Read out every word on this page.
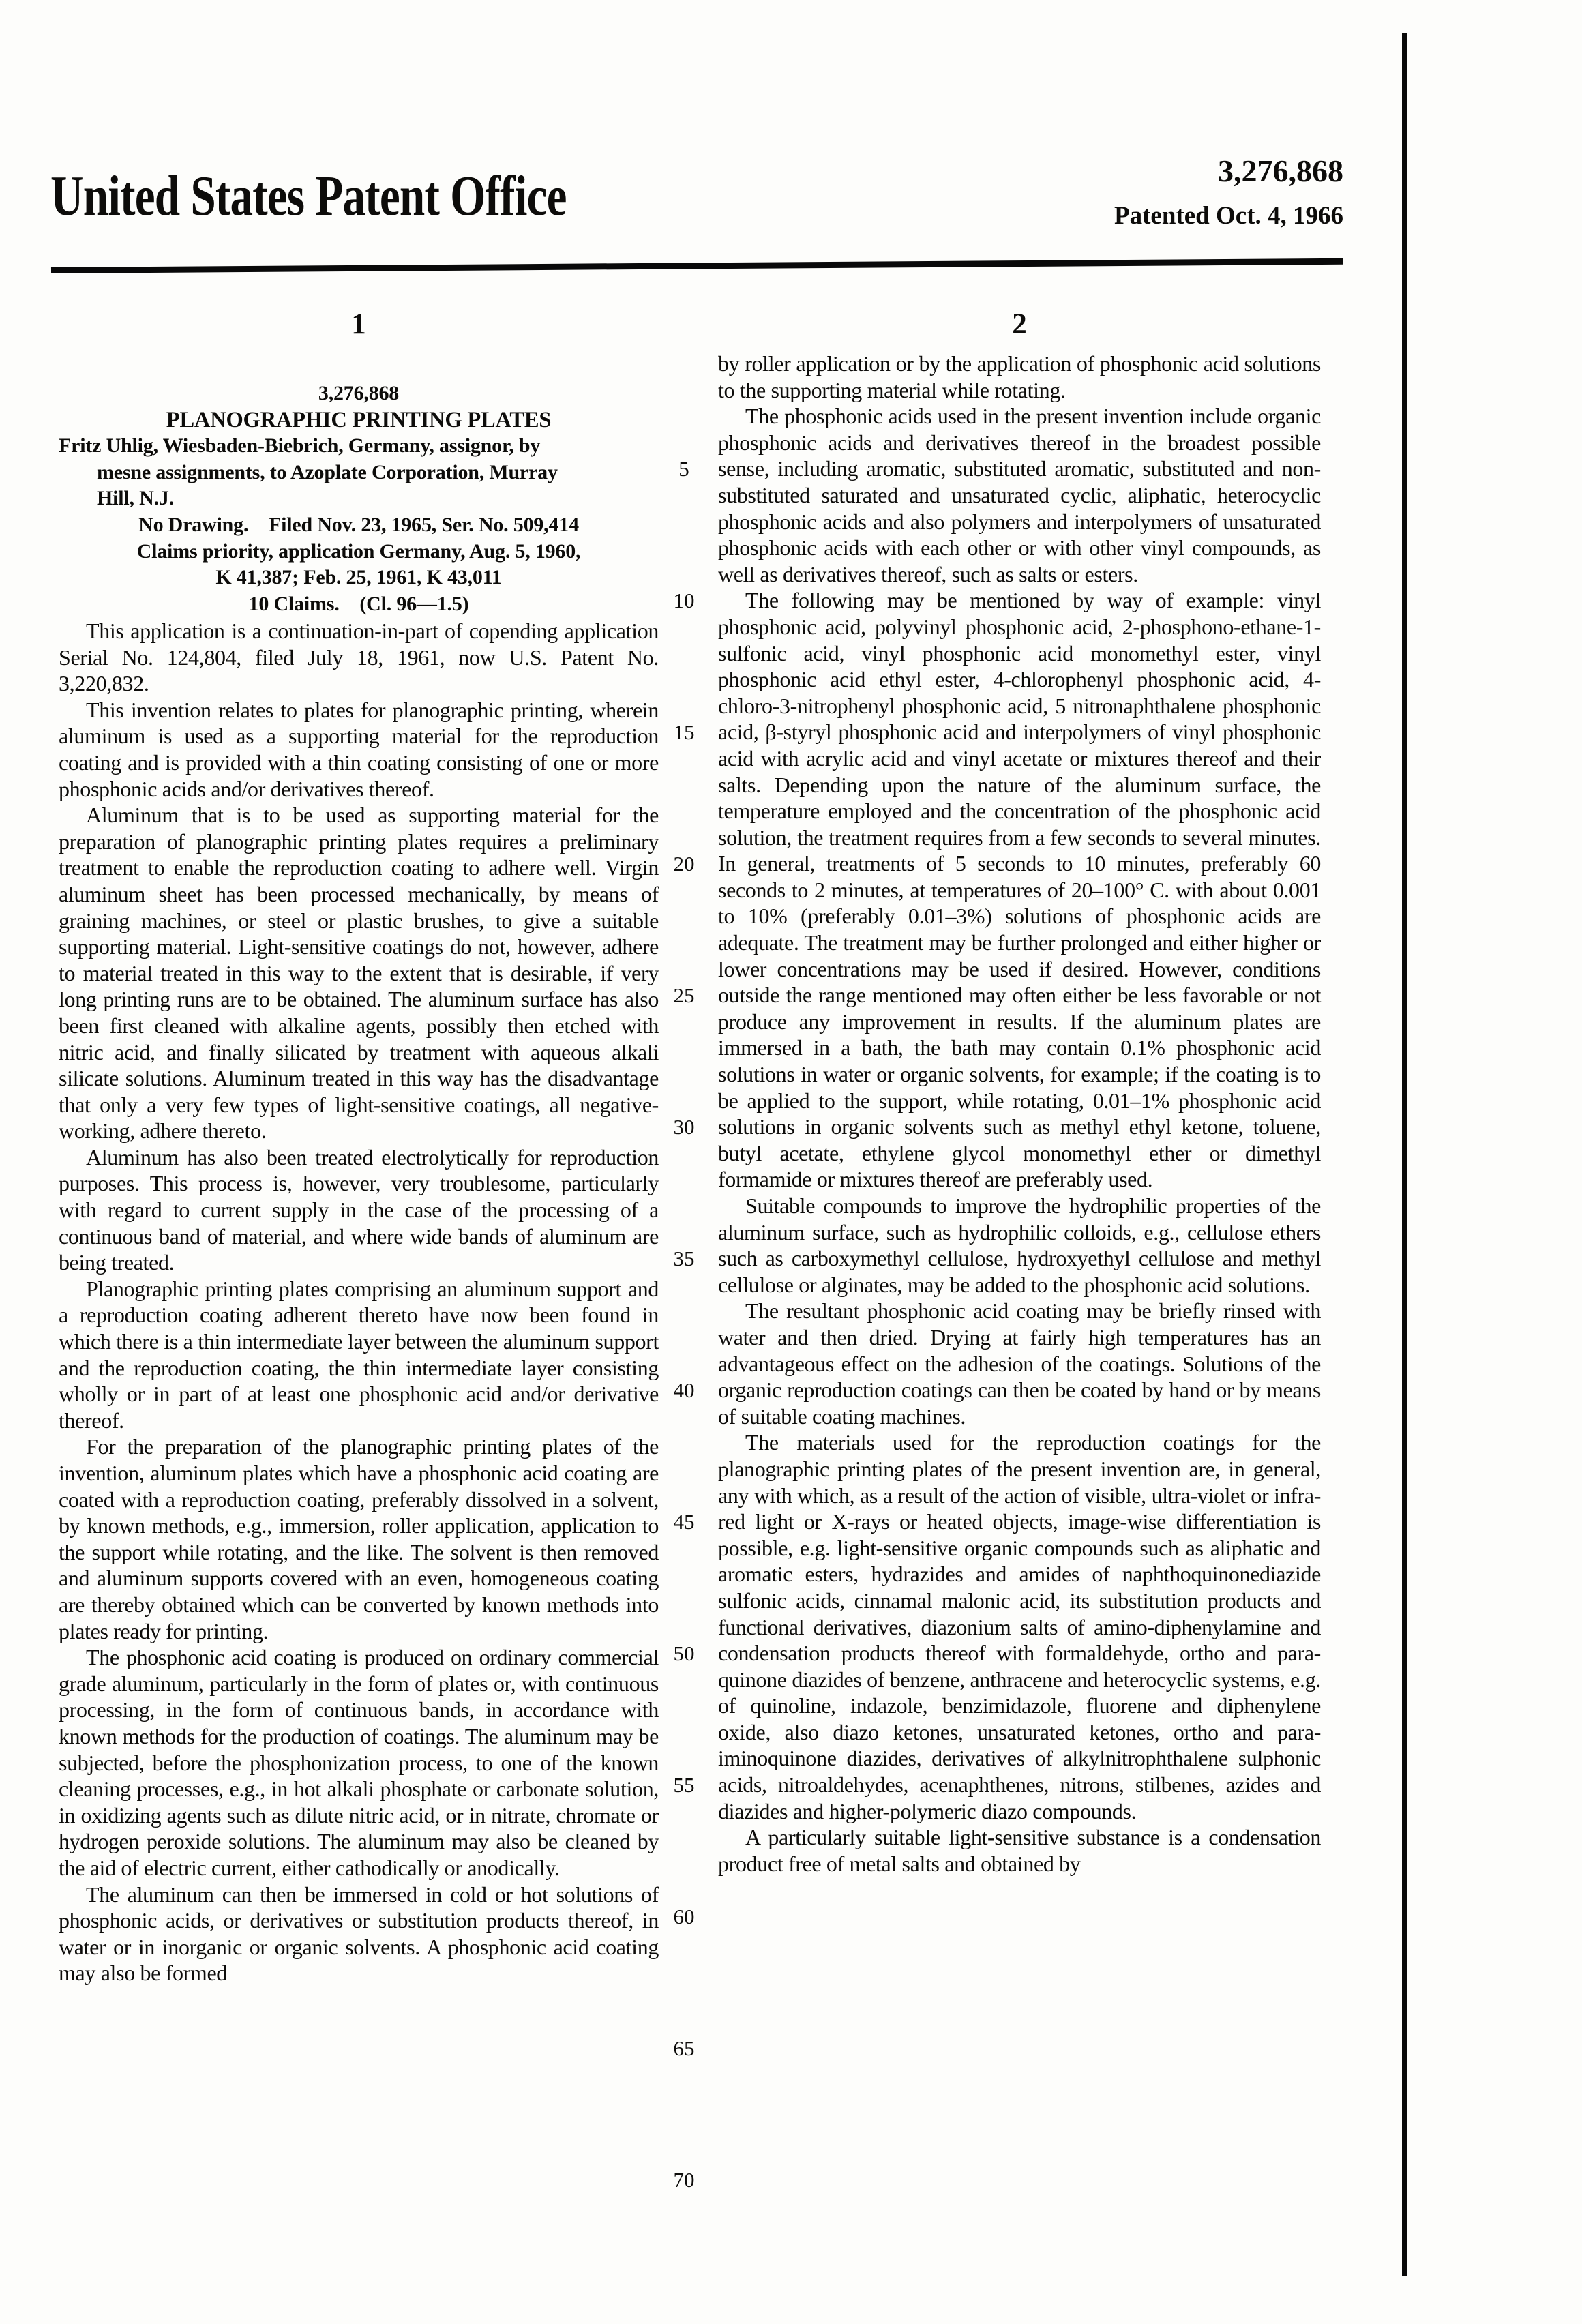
United States Patent Office	3,276,868
Patented Oct. 4, 1966
1	2
3,276,868
PLANOGRAPHIC PRINTING PLATES
Fritz Uhlig, Wiesbaden-Biebrich, Germany, assignor, by
mesne assignments, to Azoplate Corporation, Murray
Hill, N.J.
No Drawing. Filed Nov. 23, 1965, Ser. No. 509,414
Claims priority, application Germany, Aug. 5, 1960,
K 41,387; Feb. 25, 1961, K 43,011
10 Claims. (Cl. 96—1.5)

This application is a continuation-in-part of copending application Serial No. 124,804, filed July 18, 1961, now U.S. Patent No. 3,220,832.

This invention relates to plates for planographic printing, wherein aluminum is used as a supporting material for the reproduction coating and is provided with a thin coating consisting of one or more phosphonic acids and/or derivatives thereof.

Aluminum that is to be used as supporting material for the preparation of planographic printing plates requires a preliminary treatment to enable the reproduction coating to adhere well. Virgin aluminum sheet has been processed mechanically, by means of graining machines, or steel or plastic brushes, to give a suitable supporting material. Light-sensitive coatings do not, however, adhere to material treated in this way to the extent that is desirable, if very long printing runs are to be obtained. The aluminum surface has also been first cleaned with alkaline agents, possibly then etched with nitric acid, and finally silicated by treatment with aqueous alkali silicate solutions. Aluminum treated in this way has the disadvantage that only a very few types of light-sensitive coatings, all negative-working, adhere thereto.

Aluminum has also been treated electrolytically for reproduction purposes. This process is, however, very troublesome, particularly with regard to current supply in the case of the processing of a continuous band of material, and where wide bands of aluminum are being treated.

Planographic printing plates comprising an aluminum support and a reproduction coating adherent thereto have now been found in which there is a thin intermediate layer between the aluminum support and the reproduction coating, the thin intermediate layer consisting wholly or in part of at least one phosphonic acid and/or derivative thereof.

For the preparation of the planographic printing plates of the invention, aluminum plates which have a phosphonic acid coating are coated with a reproduction coating, preferably dissolved in a solvent, by known methods, e.g., immersion, roller application, application to the support while rotating, and the like. The solvent is then removed and aluminum supports covered with an even, homogeneous coating are thereby obtained which can be converted by known methods into plates ready for printing.

The phosphonic acid coating is produced on ordinary commercial grade aluminum, particularly in the form of plates or, with continuous processing, in the form of continuous bands, in accordance with known methods for the production of coatings. The aluminum may be subjected, before the phosphonization process, to one of the known cleaning processes, e.g., in hot alkali phosphate or carbonate solution, in oxidizing agents such as dilute nitric acid, or in nitrate, chromate or hydrogen peroxide solutions. The aluminum may also be cleaned by the aid of electric current, either cathodically or anodically.

The aluminum can then be immersed in cold or hot solutions of phosphonic acids, or derivatives or substitution products thereof, in water or in inorganic or organic solvents. A phosphonic acid coating may also be formed

by roller application or by the application of phosphonic acid solutions to the supporting material while rotating.

The phosphonic acids used in the present invention include organic phosphonic acids and derivatives thereof in the broadest possible sense, including aromatic, substituted aromatic, substituted and non-substituted saturated and unsaturated cyclic, aliphatic, heterocyclic phosphonic acids and also polymers and interpolymers of unsaturated phosphonic acids with each other or with other vinyl compounds, as well as derivatives thereof, such as salts or esters.

The following may be mentioned by way of example: vinyl phosphonic acid, polyvinyl phosphonic acid, 2-phosphono-ethane-1-sulfonic acid, vinyl phosphonic acid monomethyl ester, vinyl phosphonic acid ethyl ester, 4-chlorophenyl phosphonic acid, 4-chloro-3-nitrophenyl phosphonic acid, 5 nitronaphthalene phosphonic acid, β-styryl phosphonic acid and interpolymers of vinyl phosphonic acid with acrylic acid and vinyl acetate or mixtures thereof and their salts. Depending upon the nature of the aluminum surface, the temperature employed and the concentration of the phosphonic acid solution, the treatment requires from a few seconds to several minutes. In general, treatments of 5 seconds to 10 minutes, preferably 60 seconds to 2 minutes, at temperatures of 20–100° C. with about 0.001 to 10% (preferably 0.01–3%) solutions of phosphonic acids are adequate. The treatment may be further prolonged and either higher or lower concentrations may be used if desired. However, conditions outside the range mentioned may often either be less favorable or not produce any improvement in results. If the aluminum plates are immersed in a bath, the bath may contain 0.1% phosphonic acid solutions in water or organic solvents, for example; if the coating is to be applied to the support, while rotating, 0.01–1% phosphonic acid solutions in organic solvents such as methyl ethyl ketone, toluene, butyl acetate, ethylene glycol monomethyl ether or dimethyl formamide or mixtures thereof are preferably used.

Suitable compounds to improve the hydrophilic properties of the aluminum surface, such as hydrophilic colloids, e.g., cellulose ethers such as carboxymethyl cellulose, hydroxyethyl cellulose and methyl cellulose or alginates, may be added to the phosphonic acid solutions.

The resultant phosphonic acid coating may be briefly rinsed with water and then dried. Drying at fairly high temperatures has an advantageous effect on the adhesion of the coatings. Solutions of the organic reproduction coatings can then be coated by hand or by means of suitable coating machines.

The materials used for the reproduction coatings for the planographic printing plates of the present invention are, in general, any with which, as a result of the action of visible, ultra-violet or infra-red light or X-rays or heated objects, image-wise differentiation is possible, e.g. light-sensitive organic compounds such as aliphatic and aromatic esters, hydrazides and amides of naphthoquinonediazide sulfonic acids, cinnamal malonic acid, its substitution products and functional derivatives, diazonium salts of amino-diphenylamine and condensation products thereof with formaldehyde, ortho and para-quinone diazides of benzene, anthracene and heterocyclic systems, e.g. of quinoline, indazole, benzimidazole, fluorene and diphenylene oxide, also diazo ketones, unsaturated ketones, ortho and para-iminoquinone diazides, derivatives of alkylnitrophthalene sulphonic acids, nitroaldehydes, acenaphthenes, nitrons, stilbenes, azides and diazides and higher-polymeric diazo compounds.

A particularly suitable light-sensitive substance is a condensation product free of metal salts and obtained by

5
10
15
20
25
30
35
40
45
50
55
60
65
70
